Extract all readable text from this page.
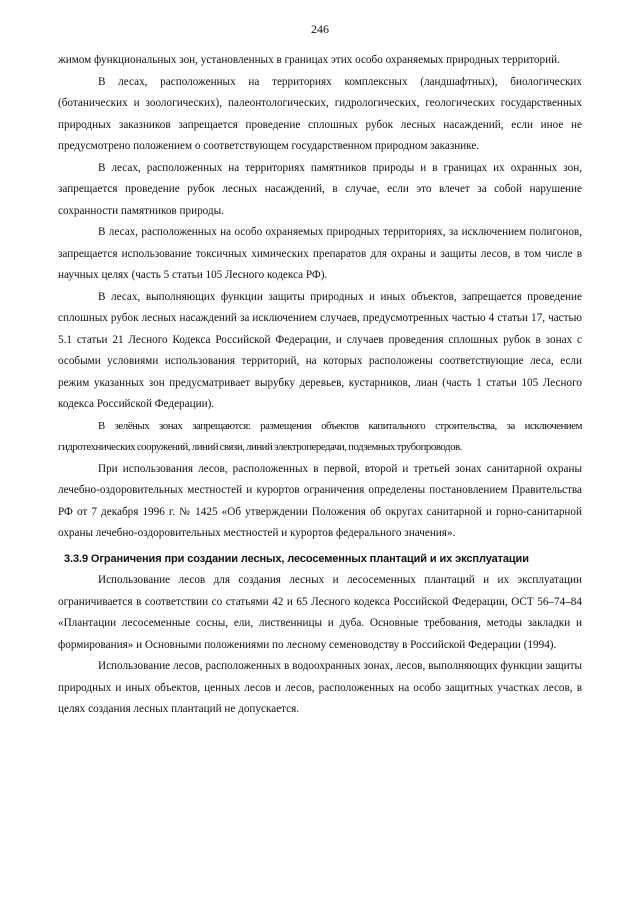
246

жимом функциональных зон, установленных в границах этих особо охраняемых природных территорий.

В лесах, расположенных на территориях комплексных (ландшафтных), биологических (ботанических и зоологических), палеонтологических, гидрологических, геологических государственных природных заказников запрещается проведение сплошных рубок лесных насаждений, если иное не предусмотрено положением о соответствующем государственном природном заказнике.

В лесах, расположенных на территориях памятников природы и в границах их охранных зон, запрещается проведение рубок лесных насаждений, в случае, если это влечет за собой нарушение сохранности памятников природы.

В лесах, расположенных на особо охраняемых природных территориях, за исключением полигонов, запрещается использование токсичных химических препаратов для охраны и защиты лесов, в том числе в научных целях (часть 5 статьи 105 Лесного кодекса РФ).

В лесах, выполняющих функции защиты природных и иных объектов, запрещается проведение сплошных рубок лесных насаждений за исключением случаев, предусмотренных частью 4 статьи 17, частью 5.1 статьи 21 Лесного Кодекса Российской Федерации, и случаев проведения сплошных рубок в зонах с особыми условиями использования территорий, на которых расположены соответствующие леса, если режим указанных зон предусматривает вырубку деревьев, кустарников, лиан (часть 1 статьи 105 Лесного кодекса Российской Федерации).

В зелёных зонах запрещаются: размещения объектов капитального строительства, за исключением гидротехнических сооружений, линий связи, линий электропередачи, подземных трубопроводов.

При использования лесов, расположенных в первой, второй и третьей зонах санитарной охраны лечебно-оздоровительных местностей и курортов ограничения определены постановлением Правительства РФ от 7 декабря 1996 г. № 1425 «Об утверждении Положения об округах санитарной и горно-санитарной охраны лечебно-оздоровительных местностей и курортов федерального значения».

3.3.9 Ограничения при создании лесных, лесосеменных плантаций и их эксплуатации

Использование лесов для создания лесных и лесосеменных плантаций и их эксплуатации ограничивается в соответствии со статьями 42 и 65 Лесного кодекса Российской Федерации, ОСТ 56–74–84 «Плантации лесосеменные сосны, ели, лиственницы и дуба. Основные требования, методы закладки и формирования» и Основными положениями по лесному семеноводству в Российской Федерации (1994).

Использование лесов, расположенных в водоохранных зонах, лесов, выполняющих функции защиты природных и иных объектов, ценных лесов и лесов, расположенных на особо защитных участках лесов, в целях создания лесных плантаций не допускается.
